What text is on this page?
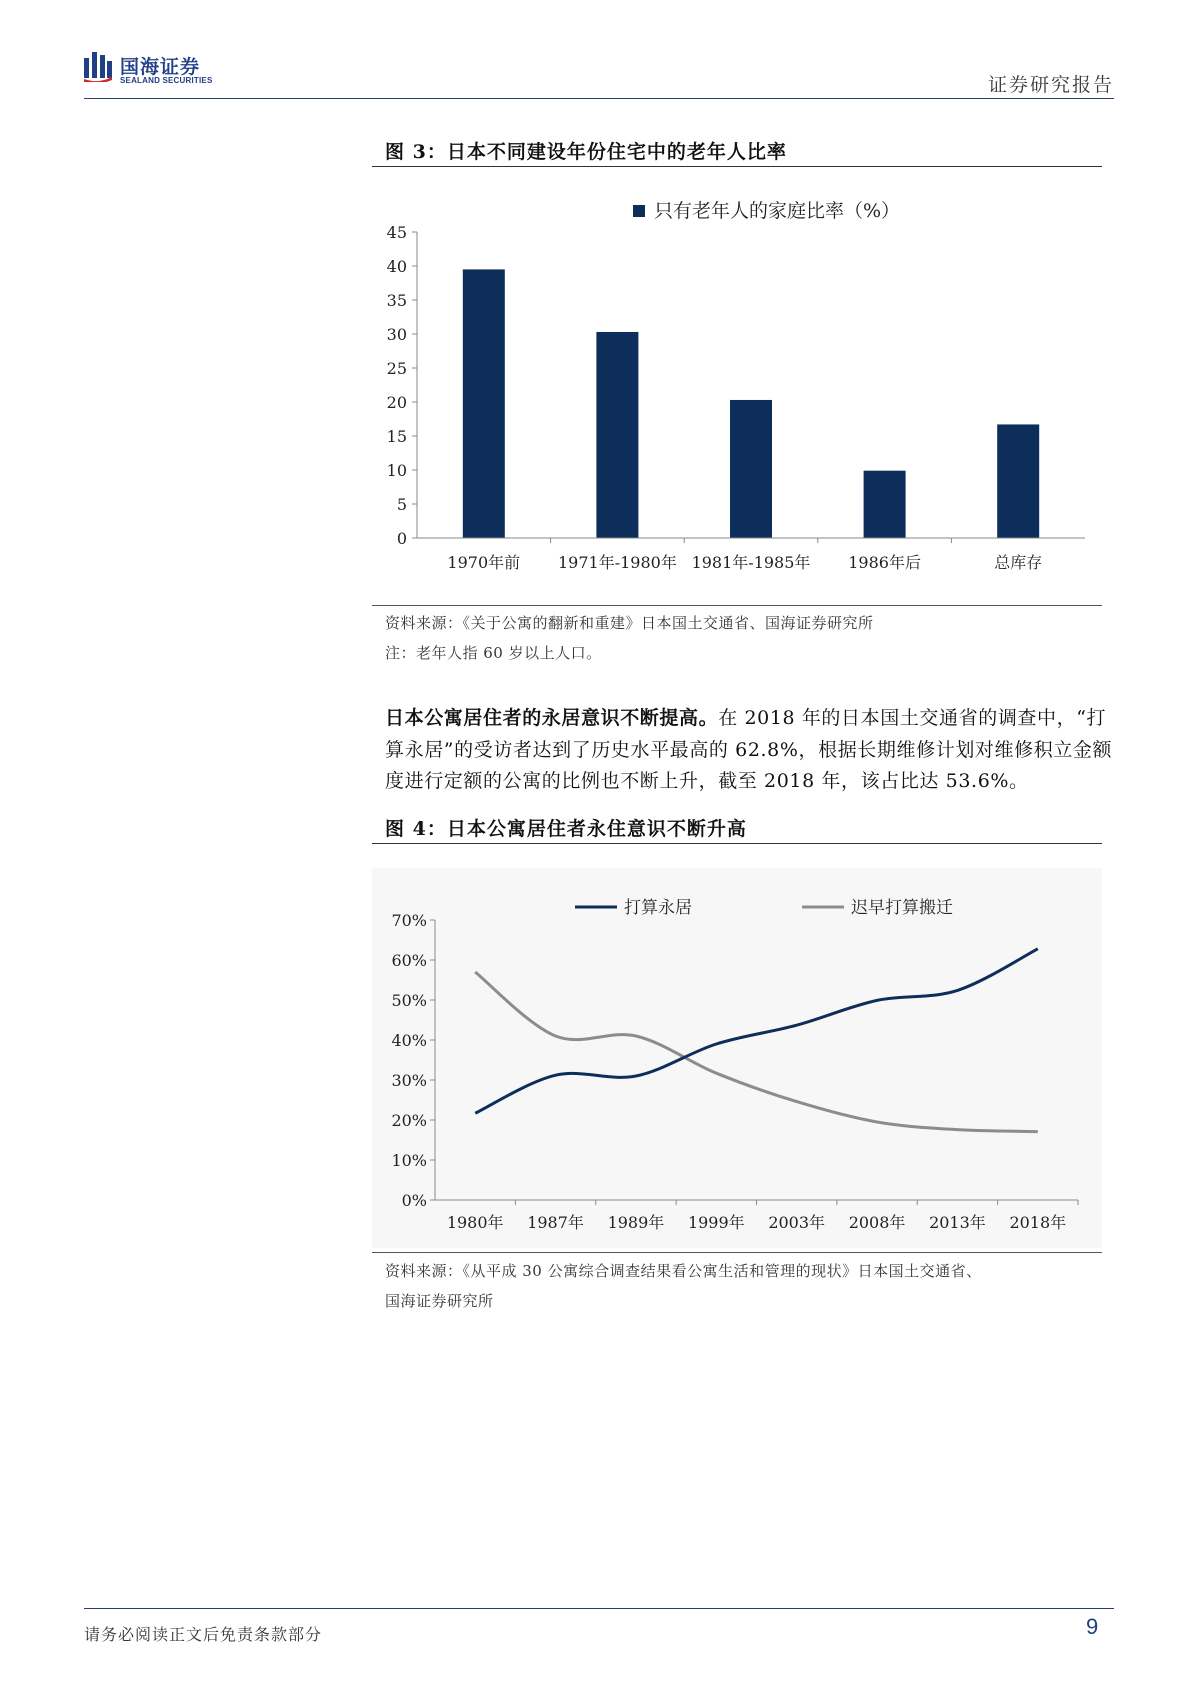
国海证券
SEALAND SECURITIES	证券研究报告
图 3：日本不同建设年份住宅中的老年人比率
只有老年人的家庭比率（%）
0
5
10
15
20
25
30
35
40
45
1970年前 1971年-1980年 1981年-1985年 1986年后	总库存
资料来源：《关于公寓的翻新和重建》日本国土交通省、国海证券研究所
注：老年人指 60 岁以上人口。
日本公寓居住者的永居意识不断提高。在 2018 年的日本国土交通省的调查中，“打算永居”的受访者达到了历史水平最高的 62.8%，根据长期维修计划对维修积立金额度进行定额的公寓的比例也不断上升，截至 2018 年，该占比达 53.6%。
图 4：日本公寓居住者永住意识不断升高
打算永居	迟早打算搬迁
0%
10%
20%
30%
40%
50%
60%
70%
1980年 1987年 1989年 1999年 2003年 2008年 2013年 2018年
资料来源：《从平成 30 公寓综合调查结果看公寓生活和管理的现状》日本国土交通省、
国海证券研究所
请务必阅读正文后免责条款部分	9
